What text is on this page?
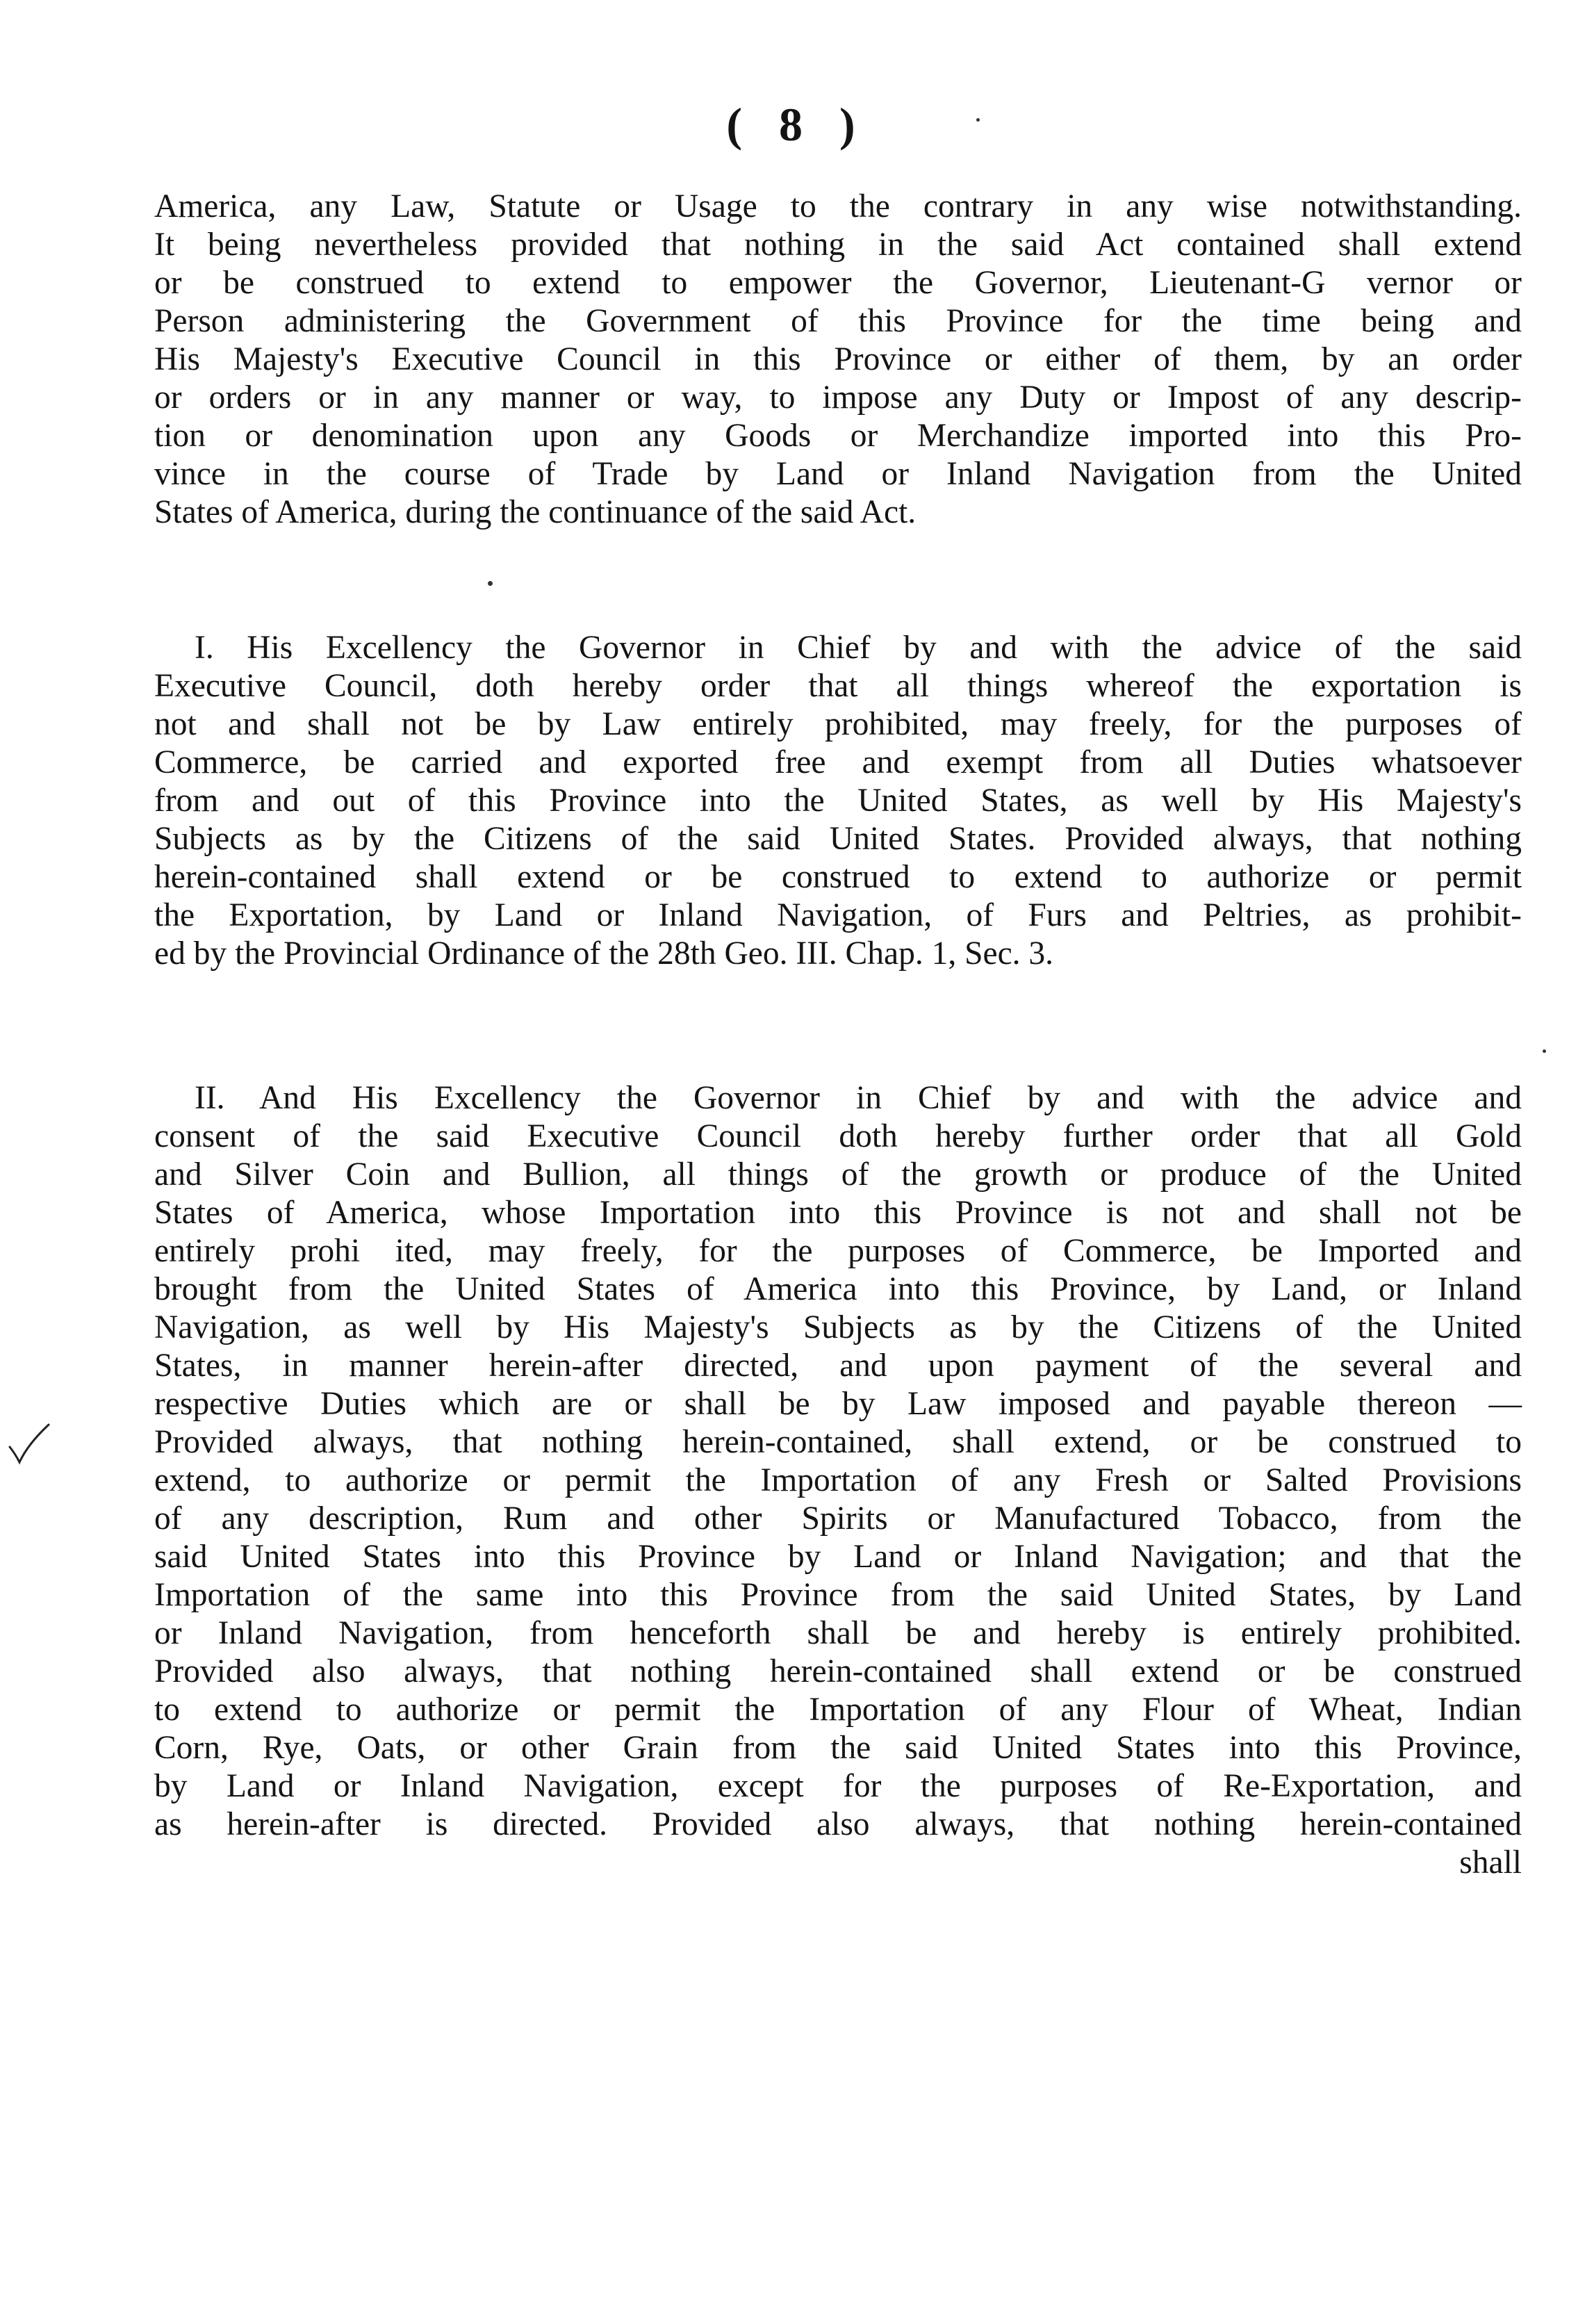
( 8 )
America, any Law, Statute or Usage to the contrary in any wise notwithstanding.
It being nevertheless provided that nothing in the said Act contained shall extend
or be construed to extend to empower the Governor, Lieutenant-G vernor or
Person administering the Government of this Province for the time being and
His Majesty's Executive Council in this Province or either of them, by an order
or orders or in any manner or way, to impose any Duty or Impost of any descrip-
tion or denomination upon any Goods or Merchandize imported into this Pro-
vince in the course of Trade by Land or Inland Navigation from the United
States of America, during the continuance of the said Act.
I. His Excellency the Governor in Chief by and with the advice of the said
Executive Council, doth hereby order that all things whereof the exportation is
not and shall not be by Law entirely prohibited, may freely, for the purposes of
Commerce, be carried and exported free and exempt from all Duties whatsoever
from and out of this Province into the United States, as well by His Majesty's
Subjects as by the Citizens of the said United States. Provided always, that nothing
herein-contained shall extend or be construed to extend to authorize or permit
the Exportation, by Land or Inland Navigation, of Furs and Peltries, as prohibit-
ed by the Provincial Ordinance of the 28th Geo. III. Chap. 1, Sec. 3.
II. And His Excellency the Governor in Chief by and with the advice and
consent of the said Executive Council doth hereby further order that all Gold
and Silver Coin and Bullion, all things of the growth or produce of the United
States of America, whose Importation into this Province is not and shall not be
entirely prohi ited, may freely, for the purposes of Commerce, be Imported and
brought from the United States of America into this Province, by Land, or Inland
Navigation, as well by His Majesty's Subjects as by the Citizens of the United
States, in manner herein-after directed, and upon payment of the several and
respective Duties which are or shall be by Law imposed and payable thereon —
Provided always, that nothing herein-contained, shall extend, or be construed to
extend, to authorize or permit the Importation of any Fresh or Salted Provisions
of any description, Rum and other Spirits or Manufactured Tobacco, from the
said United States into this Province by Land or Inland Navigation; and that the
Importation of the same into this Province from the said United States, by Land
or Inland Navigation, from henceforth shall be and hereby is entirely prohibited.
Provided also always, that nothing herein-contained shall extend or be construed
to extend to authorize or permit the Importation of any Flour of Wheat, Indian
Corn, Rye, Oats, or other Grain from the said United States into this Province,
by Land or Inland Navigation, except for the purposes of Re-Exportation, and
as herein-after is directed. Provided also always, that nothing herein-contained
shall
